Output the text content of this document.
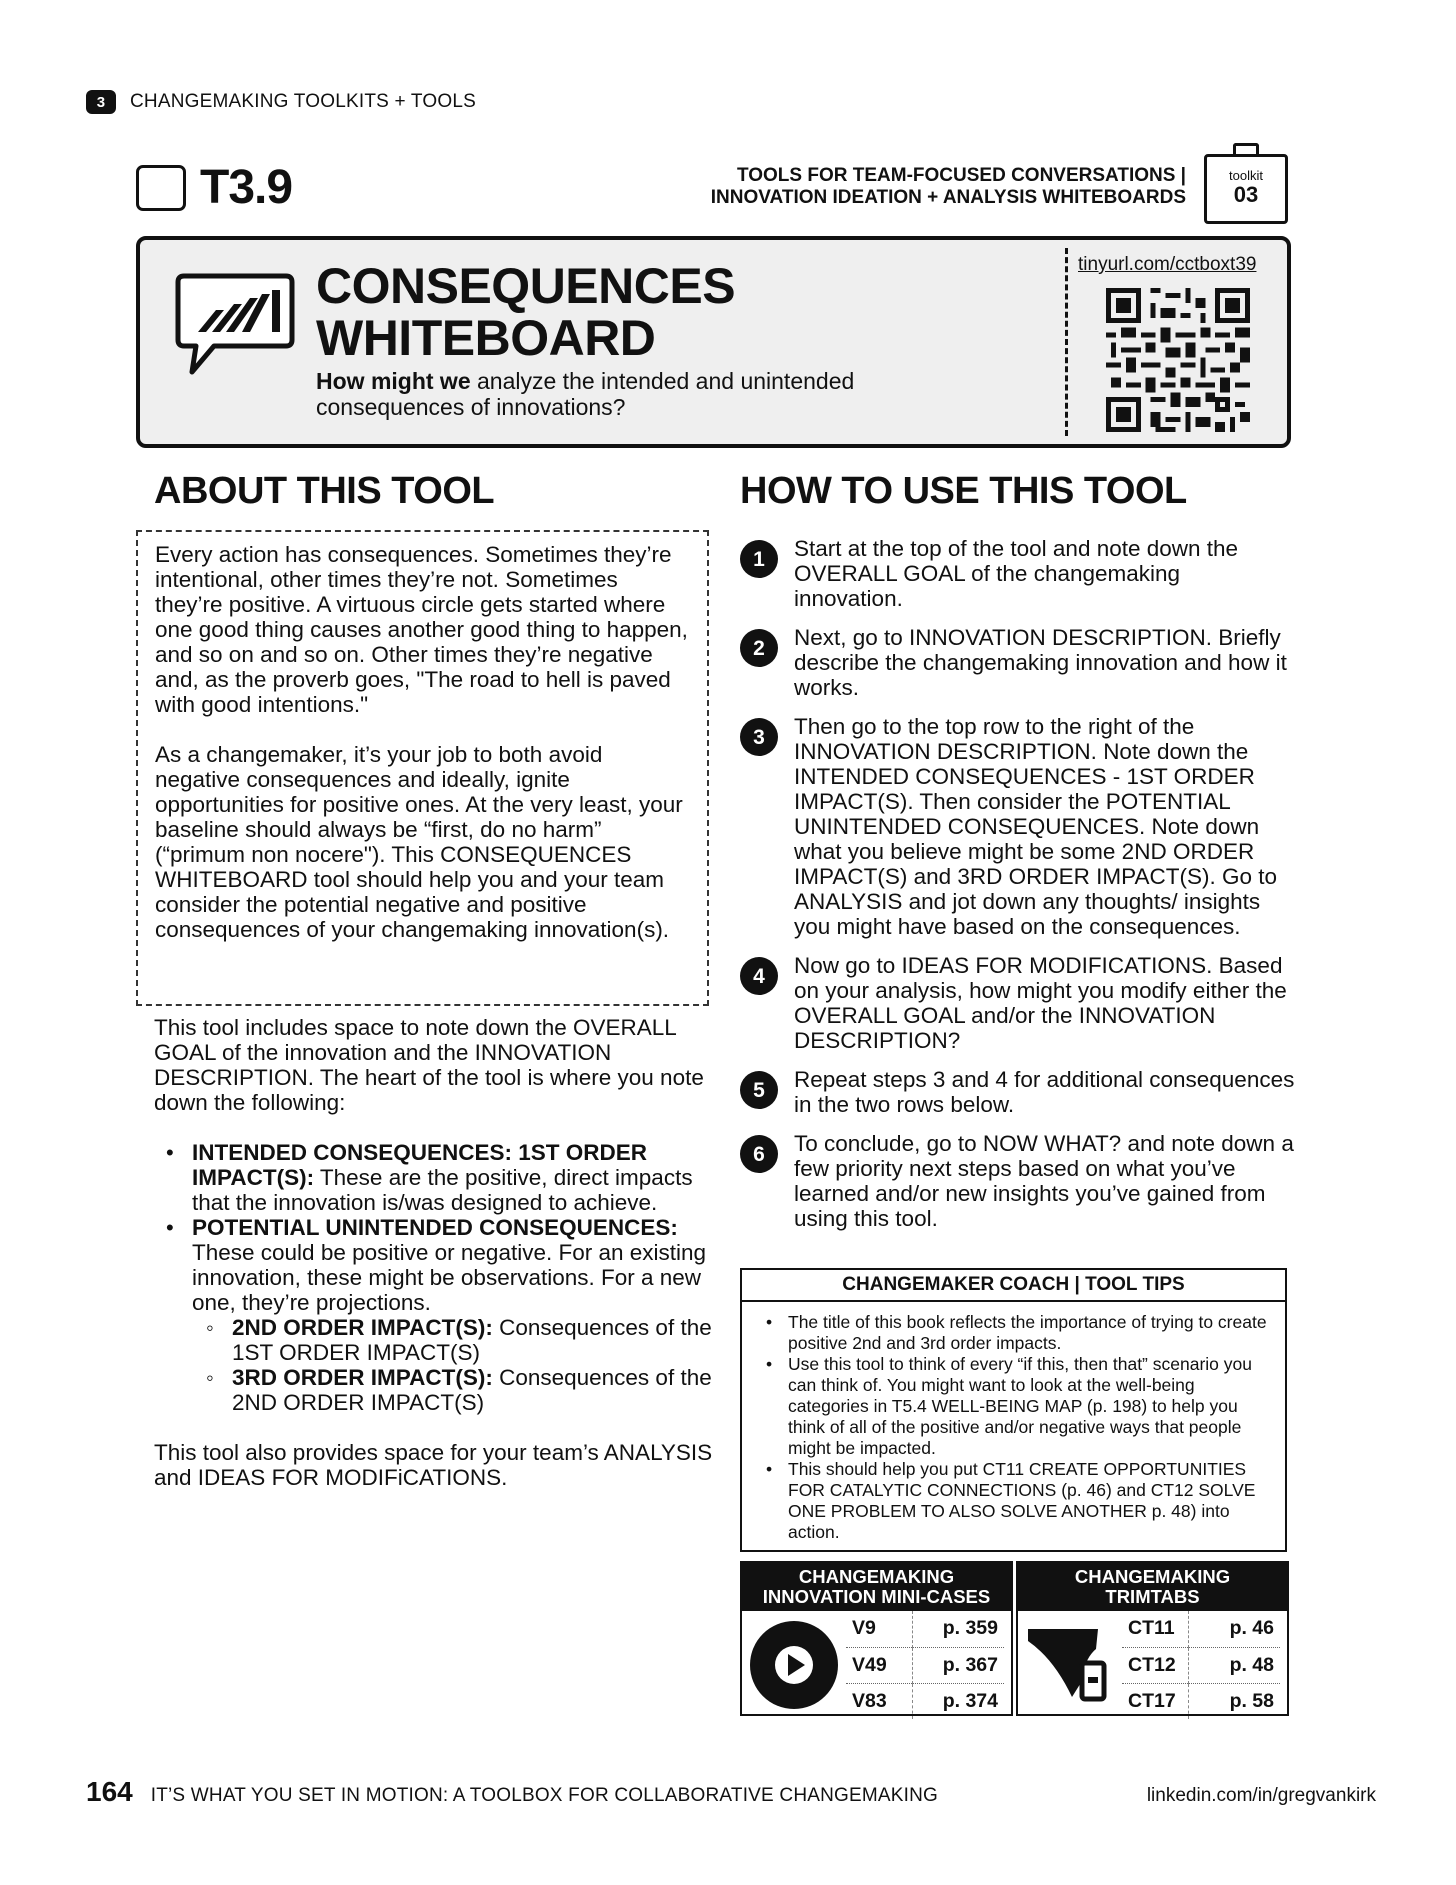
3	CHANGEMAKING TOOLKITS + TOOLS
T3.9	TOOLS FOR TEAM-FOCUSED CONVERSATIONS |
INNOVATION IDEATION + ANALYSIS WHITEBOARDS
toolkit
03
CONSEQUENCES
WHITEBOARD
How might we analyze the intended and unintended consequences of innovations?
tinyurl.com/cctboxt39
ABOUT THIS TOOL	HOW TO USE THIS TOOL

Every action has consequences. Sometimes they’re intentional, other times they’re not. Sometimes they’re positive. A virtuous circle gets started where one good thing causes another good thing to happen, and so on and so on. Other times they’re negative and, as the proverb goes, "The road to hell is paved with good intentions."

As a changemaker, it’s your job to both avoid negative consequences and ideally, ignite opportunities for positive ones. At the very least, your baseline should always be “first, do no harm” (“primum non nocere"). This CONSEQUENCES WHITEBOARD tool should help you and your team consider the potential negative and positive consequences of your changemaking innovation(s).

This tool includes space to note down the OVERALL GOAL of the innovation and the INNOVATION DESCRIPTION. The heart of the tool is where you note down the following:

• INTENDED CONSEQUENCES: 1ST ORDER IMPACT(S): These are the positive, direct impacts that the innovation is/was designed to achieve.
• POTENTIAL UNINTENDED CONSEQUENCES: These could be positive or negative. For an existing innovation, these might be observations. For a new one, they’re projections.
◦ 2ND ORDER IMPACT(S): Consequences of the 1ST ORDER IMPACT(S)
◦ 3RD ORDER IMPACT(S): Consequences of the 2ND ORDER IMPACT(S)

This tool also provides space for your team’s ANALYSIS and IDEAS FOR MODIFiCATIONS.

1	Start at the top of the tool and note down the OVERALL GOAL of the changemaking innovation.
2	Next, go to INNOVATION DESCRIPTION. Briefly describe the changemaking innovation and how it works.
3	Then go to the top row to the right of the INNOVATION DESCRIPTION. Note down the INTENDED CONSEQUENCES - 1ST ORDER IMPACT(S). Then consider the POTENTIAL UNINTENDED CONSEQUENCES. Note down what you believe might be some 2ND ORDER IMPACT(S) and 3RD ORDER IMPACT(S). Go to ANALYSIS and jot down any thoughts/ insights you might have based on the consequences.
4	Now go to IDEAS FOR MODIFICATIONS. Based on your analysis, how might you modify either the OVERALL GOAL and/or the INNOVATION DESCRIPTION?
5	Repeat steps 3 and 4 for additional consequences in the two rows below.
6	To conclude, go to NOW WHAT? and note down a few priority next steps based on what you’ve learned and/or new insights you’ve gained from using this tool.
CHANGEMAKER COACH | TOOL TIPS
• The title of this book reflects the importance of trying to create positive 2nd and 3rd order impacts.
• Use this tool to think of every “if this, then that” scenario you can think of. You might want to look at the well-being categories in T5.4 WELL-BEING MAP (p. 198) to help you think of all of the positive and/or negative ways that people might be impacted.
• This should help you put CT11 CREATE OPPORTUNITIES FOR CATALYTIC CONNECTIONS (p. 46) and CT12 SOLVE ONE PROBLEM TO ALSO SOLVE ANOTHER p. 48) into action.
CHANGEMAKING
INNOVATION MINI-CASES
V9	p. 359
V49	p. 367
V83	p. 374
CHANGEMAKING
TRIMTABS
CT11	p. 46
CT12	p. 48
CT17	p. 58
164 IT’S WHAT YOU SET IN MOTION: A TOOLBOX FOR COLLABORATIVE CHANGEMAKING	linkedin.com/in/gregvankirk
